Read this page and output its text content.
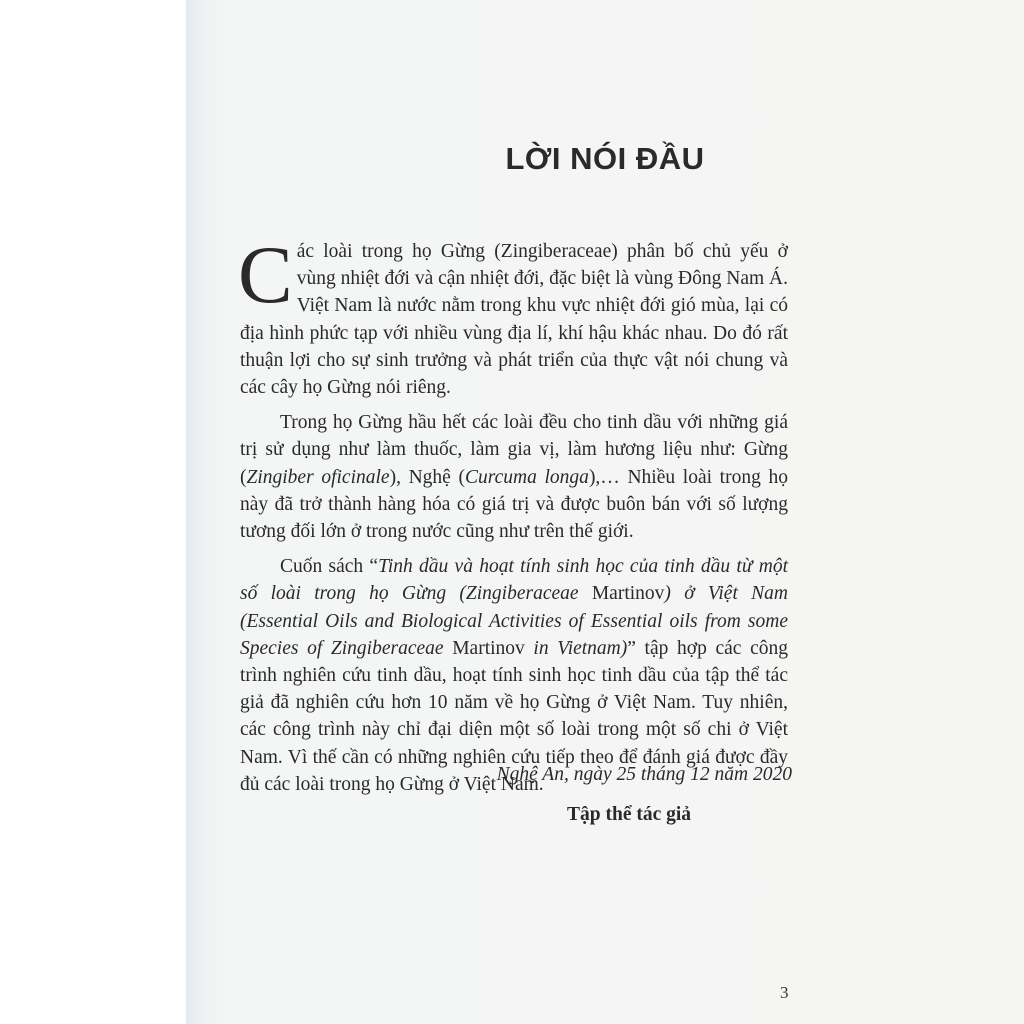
LỜI NÓI ĐẦU

Các loài trong họ Gừng (Zingiberaceae) phân bố chủ yếu ở vùng nhiệt đới và cận nhiệt đới, đặc biệt là vùng Đông Nam Á. Việt Nam là nước nằm trong khu vực nhiệt đới gió mùa, lại có địa hình phức tạp với nhiều vùng địa lí, khí hậu khác nhau. Do đó rất thuận lợi cho sự sinh trưởng và phát triển của thực vật nói chung và các cây họ Gừng nói riêng.

Trong họ Gừng hầu hết các loài đều cho tinh dầu với những giá trị sử dụng như làm thuốc, làm gia vị, làm hương liệu như: Gừng (Zingiber oficinale), Nghệ (Curcuma longa),… Nhiều loài trong họ này đã trở thành hàng hóa có giá trị và được buôn bán với số lượng tương đối lớn ở trong nước cũng như trên thế giới.

Cuốn sách “Tinh dầu và hoạt tính sinh học của tinh dầu từ một số loài trong họ Gừng (Zingiberaceae Martinov) ở Việt Nam (Essential Oils and Biological Activities of Essential oils from some Species of Zingiberaceae Martinov in Vietnam)” tập hợp các công trình nghiên cứu tinh dầu, hoạt tính sinh học tinh dầu của tập thể tác giả đã nghiên cứu hơn 10 năm về họ Gừng ở Việt Nam. Tuy nhiên, các công trình này chỉ đại diện một số loài trong một số chi ở Việt Nam. Vì thế cần có những nghiên cứu tiếp theo để đánh giá được đầy đủ các loài trong họ Gừng ở Việt Nam.

Nghệ An, ngày 25 tháng 12 năm 2020
Tập thể tác giả
3
